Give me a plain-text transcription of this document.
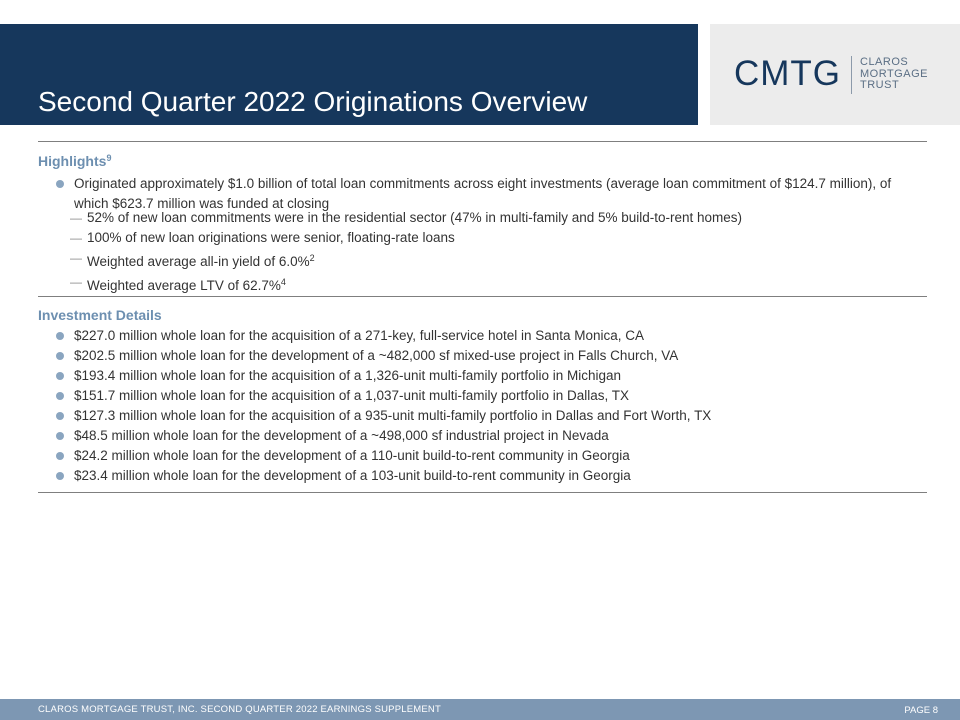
Second Quarter 2022 Originations Overview
CMTG CLAROS
MORTGAGE
TRUST
Highlights$^9$
Originated approximately $1.0 billion of total loan commitments across eight investments (average loan commitment of $124.7 million), of which $623.7 million was funded at closing
— 52% of new loan commitments were in the residential sector (47% in multi-family and 5% build-to-rent homes)
— 100% of new loan originations were senior, floating-rate loans
— Weighted average all-in yield of 6.0%$^2$
— Weighted average LTV of 62.7%$^4$
Investment Details
$227.0 million whole loan for the acquisition of a 271-key, full-service hotel in Santa Monica, CA
$202.5 million whole loan for the development of a ~482,000 sf mixed-use project in Falls Church, VA
$193.4 million whole loan for the acquisition of a 1,326-unit multi-family portfolio in Michigan
$151.7 million whole loan for the acquisition of a 1,037-unit multi-family portfolio in Dallas, TX
$127.3 million whole loan for the acquisition of a 935-unit multi-family portfolio in Dallas and Fort Worth, TX
$48.5 million whole loan for the development of a ~498,000 sf industrial project in Nevada
$24.2 million whole loan for the development of a 110-unit build-to-rent community in Georgia
$23.4 million whole loan for the development of a 103-unit build-to-rent community in Georgia
CLAROS MORTGAGE TRUST, INC. SECOND QUARTER 2022 EARNINGS SUPPLEMENT	PAGE 8
